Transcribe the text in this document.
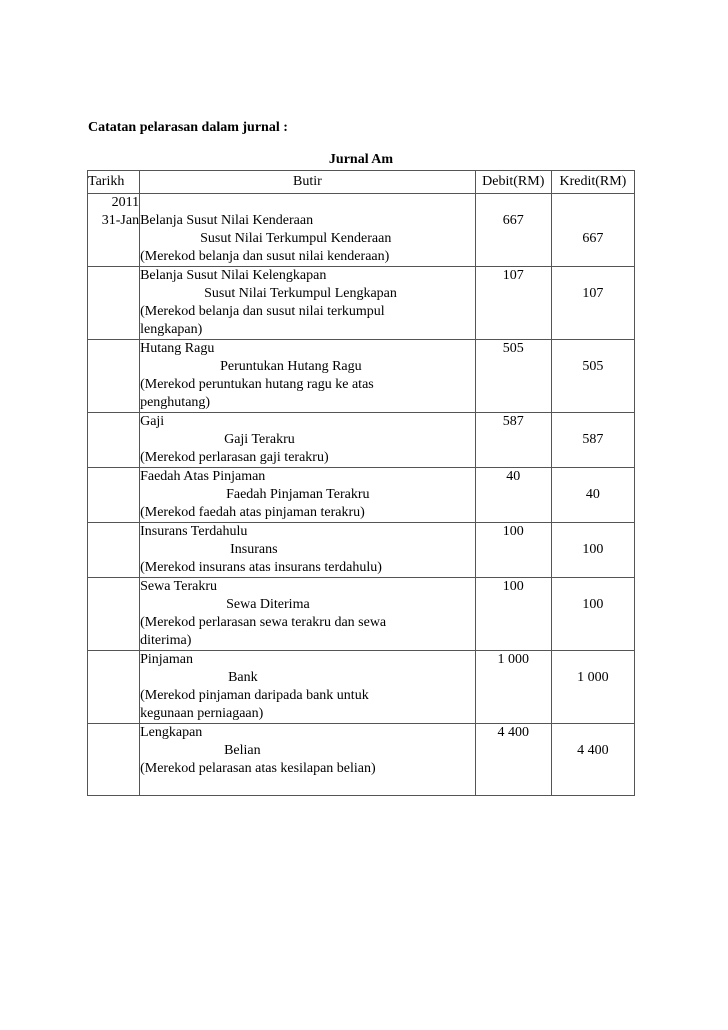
Catatan pelarasan dalam jurnal :
Jurnal Am
Tarikh	Butir	Debit(RM)	Kredit(RM)

2011
31-Jan	Belanja Susut Nilai Kenderaan
Susut Nilai Terkumpul Kenderaan
(Merekod belanja dan susut nilai kenderaan)	667	667

	Belanja Susut Nilai Kelengkapan
Susut Nilai Terkumpul Lengkapan
(Merekod belanja dan susut nilai terkumpul lengkapan)	107	107

	Hutang Ragu
Peruntukan Hutang Ragu
(Merekod peruntukan hutang ragu ke atas penghutang)	505	505

	Gaji
Gaji Terakru
(Merekod perlarasan gaji terakru)	587	587

	Faedah Atas Pinjaman
Faedah Pinjaman Terakru
(Merekod faedah atas pinjaman terakru)	40	40

	Insurans Terdahulu
Insurans
(Merekod insurans atas insurans terdahulu)	100	100

	Sewa Terakru
Sewa Diterima
(Merekod perlarasan sewa terakru dan sewa diterima)	100	100

	Pinjaman
Bank
(Merekod pinjaman daripada bank untuk kegunaan perniagaan)	1 000	1 000

	Lengkapan
Belian
(Merekod pelarasan atas kesilapan belian)	4 400	4 400
